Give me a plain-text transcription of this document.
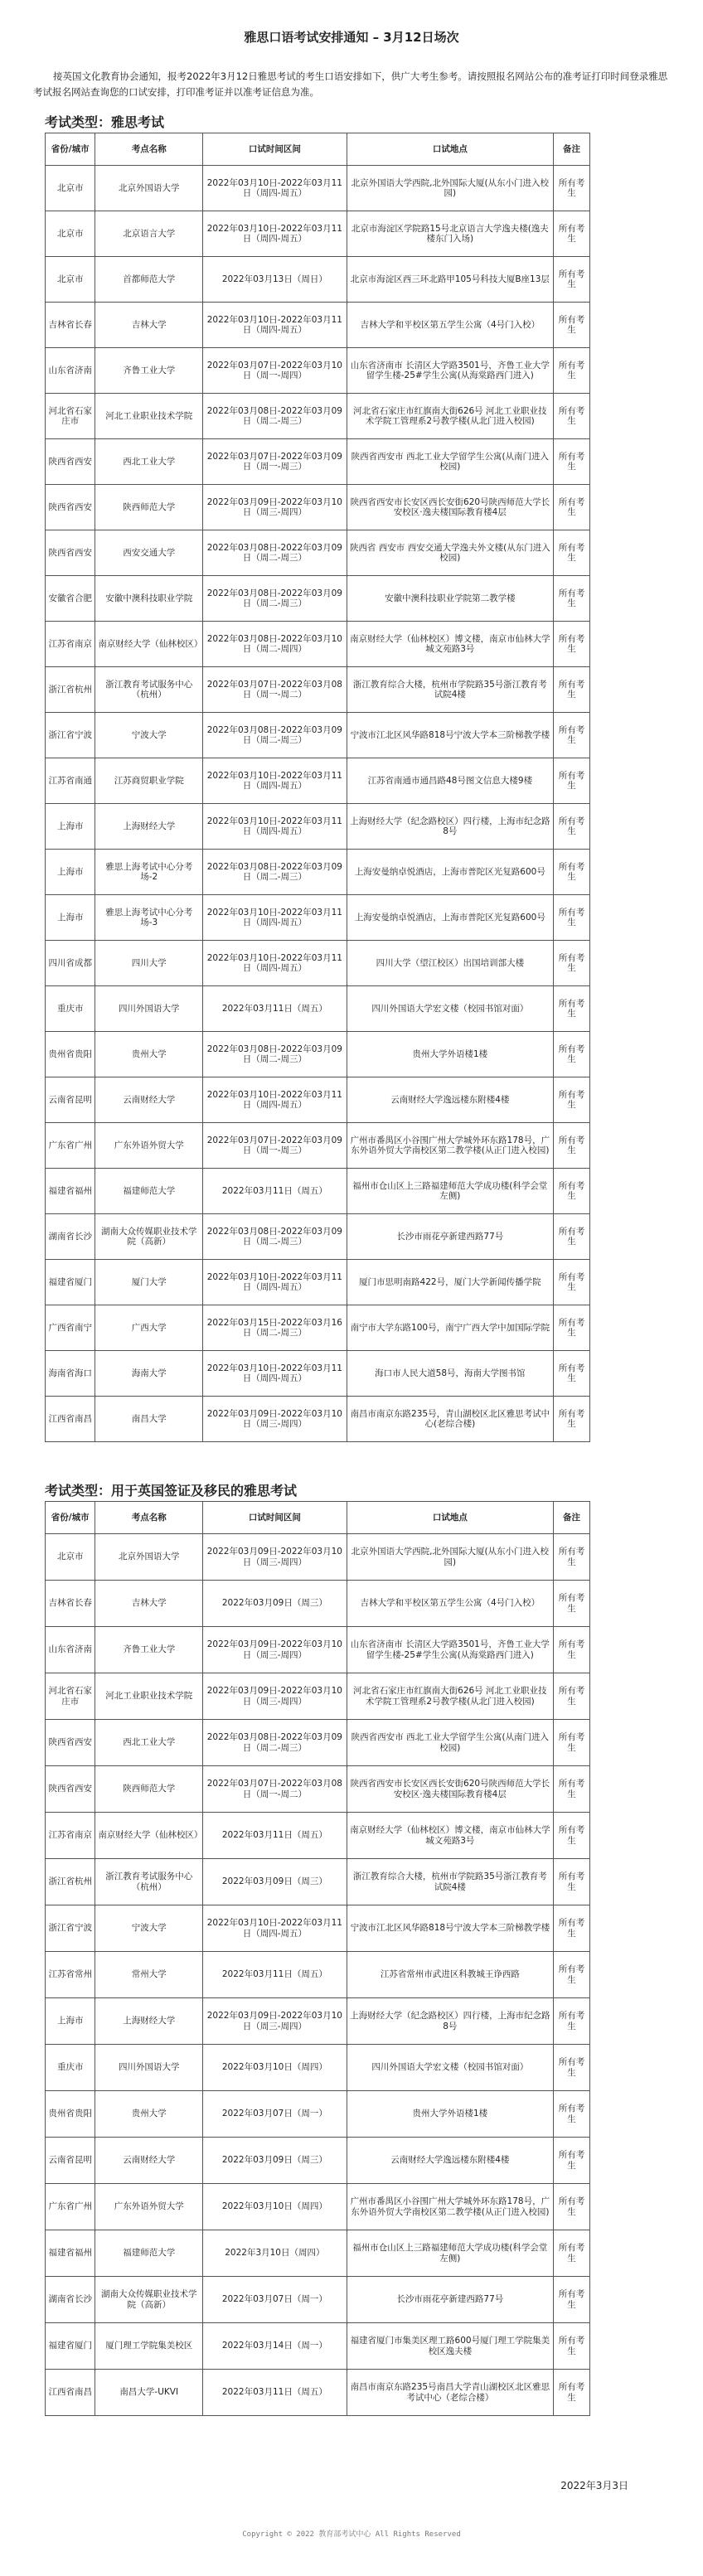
雅思口语考试安排通知 – 3月12日场次

接英国文化教育协会通知，报考2022年3月12日雅思考试的考生口语安排如下，供广大考生参考。请按照报名网站公布的准考证打印时间登录雅思考试报名网站查询您的口试安排，打印准考证并以准考证信息为准。

考试类型：雅思考试
省份/城市	考点名称	口试时间区间	口试地点	备注
北京市	北京外国语大学	2022年03月10日-2022年03月11日（周四-周五）	北京外国语大学西院,北外国际大厦(从东小门进入校园)	所有考生
北京市	北京语言大学	2022年03月10日-2022年03月11日（周四-周五）	北京市海淀区学院路15号北京语言大学逸夫楼(逸夫楼东门入场)	所有考生
北京市	首都师范大学	2022年03月13日（周日）	北京市海淀区西三环北路甲105号科技大厦B座13层	所有考生
吉林省长春	吉林大学	2022年03月10日-2022年03月11日（周四-周五）	吉林大学和平校区第五学生公寓（4号门入校）	所有考生
山东省济南	齐鲁工业大学	2022年03月07日-2022年03月10日（周一-周四）	山东省济南市 长清区大学路3501号，齐鲁工业大学留学生楼-25#学生公寓(从海棠路西门进入)	所有考生
河北省石家庄市	河北工业职业技术学院	2022年03月08日-2022年03月09日（周二-周三）	河北省石家庄市红旗南大街626号 河北工业职业技术学院工管理系2号教学楼(从北门进入校园)	所有考生
陕西省西安	西北工业大学	2022年03月07日-2022年03月09日（周一-周三）	陕西省西安市 西北工业大学留学生公寓(从南门进入校园)	所有考生
陕西省西安	陕西师范大学	2022年03月09日-2022年03月10日（周三-周四）	陕西省西安市长安区西长安街620号陕西师范大学长安校区·逸夫楼国际教育楼4层	所有考生
陕西省西安	西安交通大学	2022年03月08日-2022年03月09日（周二-周三）	陕西省 西安市 西安交通大学逸夫外文楼(从东门进入校园)	所有考生
安徽省合肥	安徽中澳科技职业学院	2022年03月08日-2022年03月09日（周二-周三）	安徽中澳科技职业学院第二教学楼	所有考生
江苏省南京	南京财经大学（仙林校区）	2022年03月08日-2022年03月10日（周二-周四）	南京财经大学（仙林校区）博文楼，南京市仙林大学城文苑路3号	所有考生
浙江省杭州	浙江教育考试服务中心（杭州）	2022年03月07日-2022年03月08日（周一-周二）	浙江教育综合大楼，杭州市学院路35号浙江教育考试院4楼	所有考生
浙江省宁波	宁波大学	2022年03月08日-2022年03月09日（周二-周三）	宁波市江北区风华路818号宁波大学本三阶梯教学楼	所有考生
江苏省南通	江苏商贸职业学院	2022年03月10日-2022年03月11日（周四-周五）	江苏省南通市通昌路48号图文信息大楼9楼	所有考生
上海市	上海财经大学	2022年03月10日-2022年03月11日（周四-周五）	上海财经大学（纪念路校区）四行楼，上海市纪念路8号	所有考生
上海市	雅思上海考试中心分考场-2	2022年03月08日-2022年03月09日（周二-周三）	上海安曼纳卓悦酒店，上海市普陀区光复路600号	所有考生
上海市	雅思上海考试中心分考场-3	2022年03月10日-2022年03月11日（周四-周五）	上海安曼纳卓悦酒店，上海市普陀区光复路600号	所有考生
四川省成都	四川大学	2022年03月10日-2022年03月11日（周四-周五）	四川大学（望江校区）出国培训部大楼	所有考生
重庆市	四川外国语大学	2022年03月11日（周五）	四川外国语大学宏文楼（校园书馆对面）	所有考生
贵州省贵阳	贵州大学	2022年03月08日-2022年03月09日（周二-周三）	贵州大学外语楼1楼	所有考生
云南省昆明	云南财经大学	2022年03月10日-2022年03月11日（周四-周五）	云南财经大学逸远楼东附楼4楼	所有考生
广东省广州	广东外语外贸大学	2022年03月07日-2022年03月09日（周一-周三）	广州市番禺区小谷围广州大学城外环东路178号，广东外语外贸大学南校区第二教学楼(从正门进入校园)	所有考生
福建省福州	福建师范大学	2022年03月11日（周五）	福州市仓山区上三路福建师范大学成功楼(科学会堂左侧)	所有考生
湖南省长沙	湖南大众传媒职业技术学院（高新）	2022年03月08日-2022年03月09日（周二-周三）	长沙市雨花亭新建西路77号	所有考生
福建省厦门	厦门大学	2022年03月10日-2022年03月11日（周四-周五）	厦门市思明南路422号，厦门大学新闻传播学院	所有考生
广西省南宁	广西大学	2022年03月15日-2022年03月16日（周二-周三）	南宁市大学东路100号，南宁广西大学中加国际学院	所有考生
海南省海口	海南大学	2022年03月10日-2022年03月11日（周四-周五）	海口市人民大道58号，海南大学图书馆	所有考生
江西省南昌	南昌大学	2022年03月09日-2022年03月10日（周三-周四）	南昌市南京东路235号，青山湖校区北区雅思考试中心(老综合楼)	所有考生
考试类型：用于英国签证及移民的雅思考试
省份/城市	考点名称	口试时间区间	口试地点	备注
北京市	北京外国语大学	2022年03月09日-2022年03月10日（周三-周四）	北京外国语大学西院,北外国际大厦(从东小门进入校园)	所有考生
吉林省长春	吉林大学	2022年03月09日（周三）	吉林大学和平校区第五学生公寓（4号门入校）	所有考生
山东省济南	齐鲁工业大学	2022年03月09日-2022年03月10日（周三-周四）	山东省济南市 长清区大学路3501号，齐鲁工业大学留学生楼-25#学生公寓(从海棠路西门进入)	所有考生
河北省石家庄市	河北工业职业技术学院	2022年03月09日-2022年03月10日（周三-周四）	河北省石家庄市红旗南大街626号 河北工业职业技术学院工管理系2号教学楼(从北门进入校园)	所有考生
陕西省西安	西北工业大学	2022年03月08日-2022年03月09日（周二-周三）	陕西省西安市 西北工业大学留学生公寓(从南门进入校园)	所有考生
陕西省西安	陕西师范大学	2022年03月07日-2022年03月08日（周一-周二）	陕西省西安市长安区西长安街620号陕西师范大学长安校区·逸夫楼国际教育楼4层	所有考生
江苏省南京	南京财经大学（仙林校区）	2022年03月11日（周五）	南京财经大学（仙林校区）博文楼，南京市仙林大学城文苑路3号	所有考生
浙江省杭州	浙江教育考试服务中心（杭州）	2022年03月09日（周三）	浙江教育综合大楼，杭州市学院路35号浙江教育考试院4楼	所有考生
浙江省宁波	宁波大学	2022年03月10日-2022年03月11日（周四-周五）	宁波市江北区风华路818号宁波大学本三阶梯教学楼	所有考生
江苏省常州	常州大学	2022年03月11日（周五）	江苏省常州市武进区科教城王诤西路	所有考生
上海市	上海财经大学	2022年03月09日-2022年03月10日（周三-周四）	上海财经大学（纪念路校区）四行楼，上海市纪念路8号	所有考生
重庆市	四川外国语大学	2022年03月10日（周四）	四川外国语大学宏文楼（校园书馆对面）	所有考生
贵州省贵阳	贵州大学	2022年03月07日（周一）	贵州大学外语楼1楼	所有考生
云南省昆明	云南财经大学	2022年03月09日（周三）	云南财经大学逸远楼东附楼4楼	所有考生
广东省广州	广东外语外贸大学	2022年03月10日（周四）	广州市番禺区小谷围广州大学城外环东路178号，广东外语外贸大学南校区第二教学楼(从正门进入校园)	所有考生
福建省福州	福建师范大学	2022年3月10日（周四）	福州市仓山区上三路福建师范大学成功楼(科学会堂左侧)	所有考生
湖南省长沙	湖南大众传媒职业技术学院（高新）	2022年03月07日（周一）	长沙市雨花亭新建西路77号	所有考生
福建省厦门	厦门理工学院集美校区	2022年03月14日（周一）	福建省厦门市集美区理工路600号厦门理工学院集美校区逸夫楼	所有考生
江西省南昌	南昌大学-UKVI	2022年03月11日（周五）	南昌市南京东路235号南昌大学青山湖校区北区雅思考试中心（老综合楼）	所有考生
2022年3月3日
Copyright © 2022 教育部考试中心 All Rights Reserved
